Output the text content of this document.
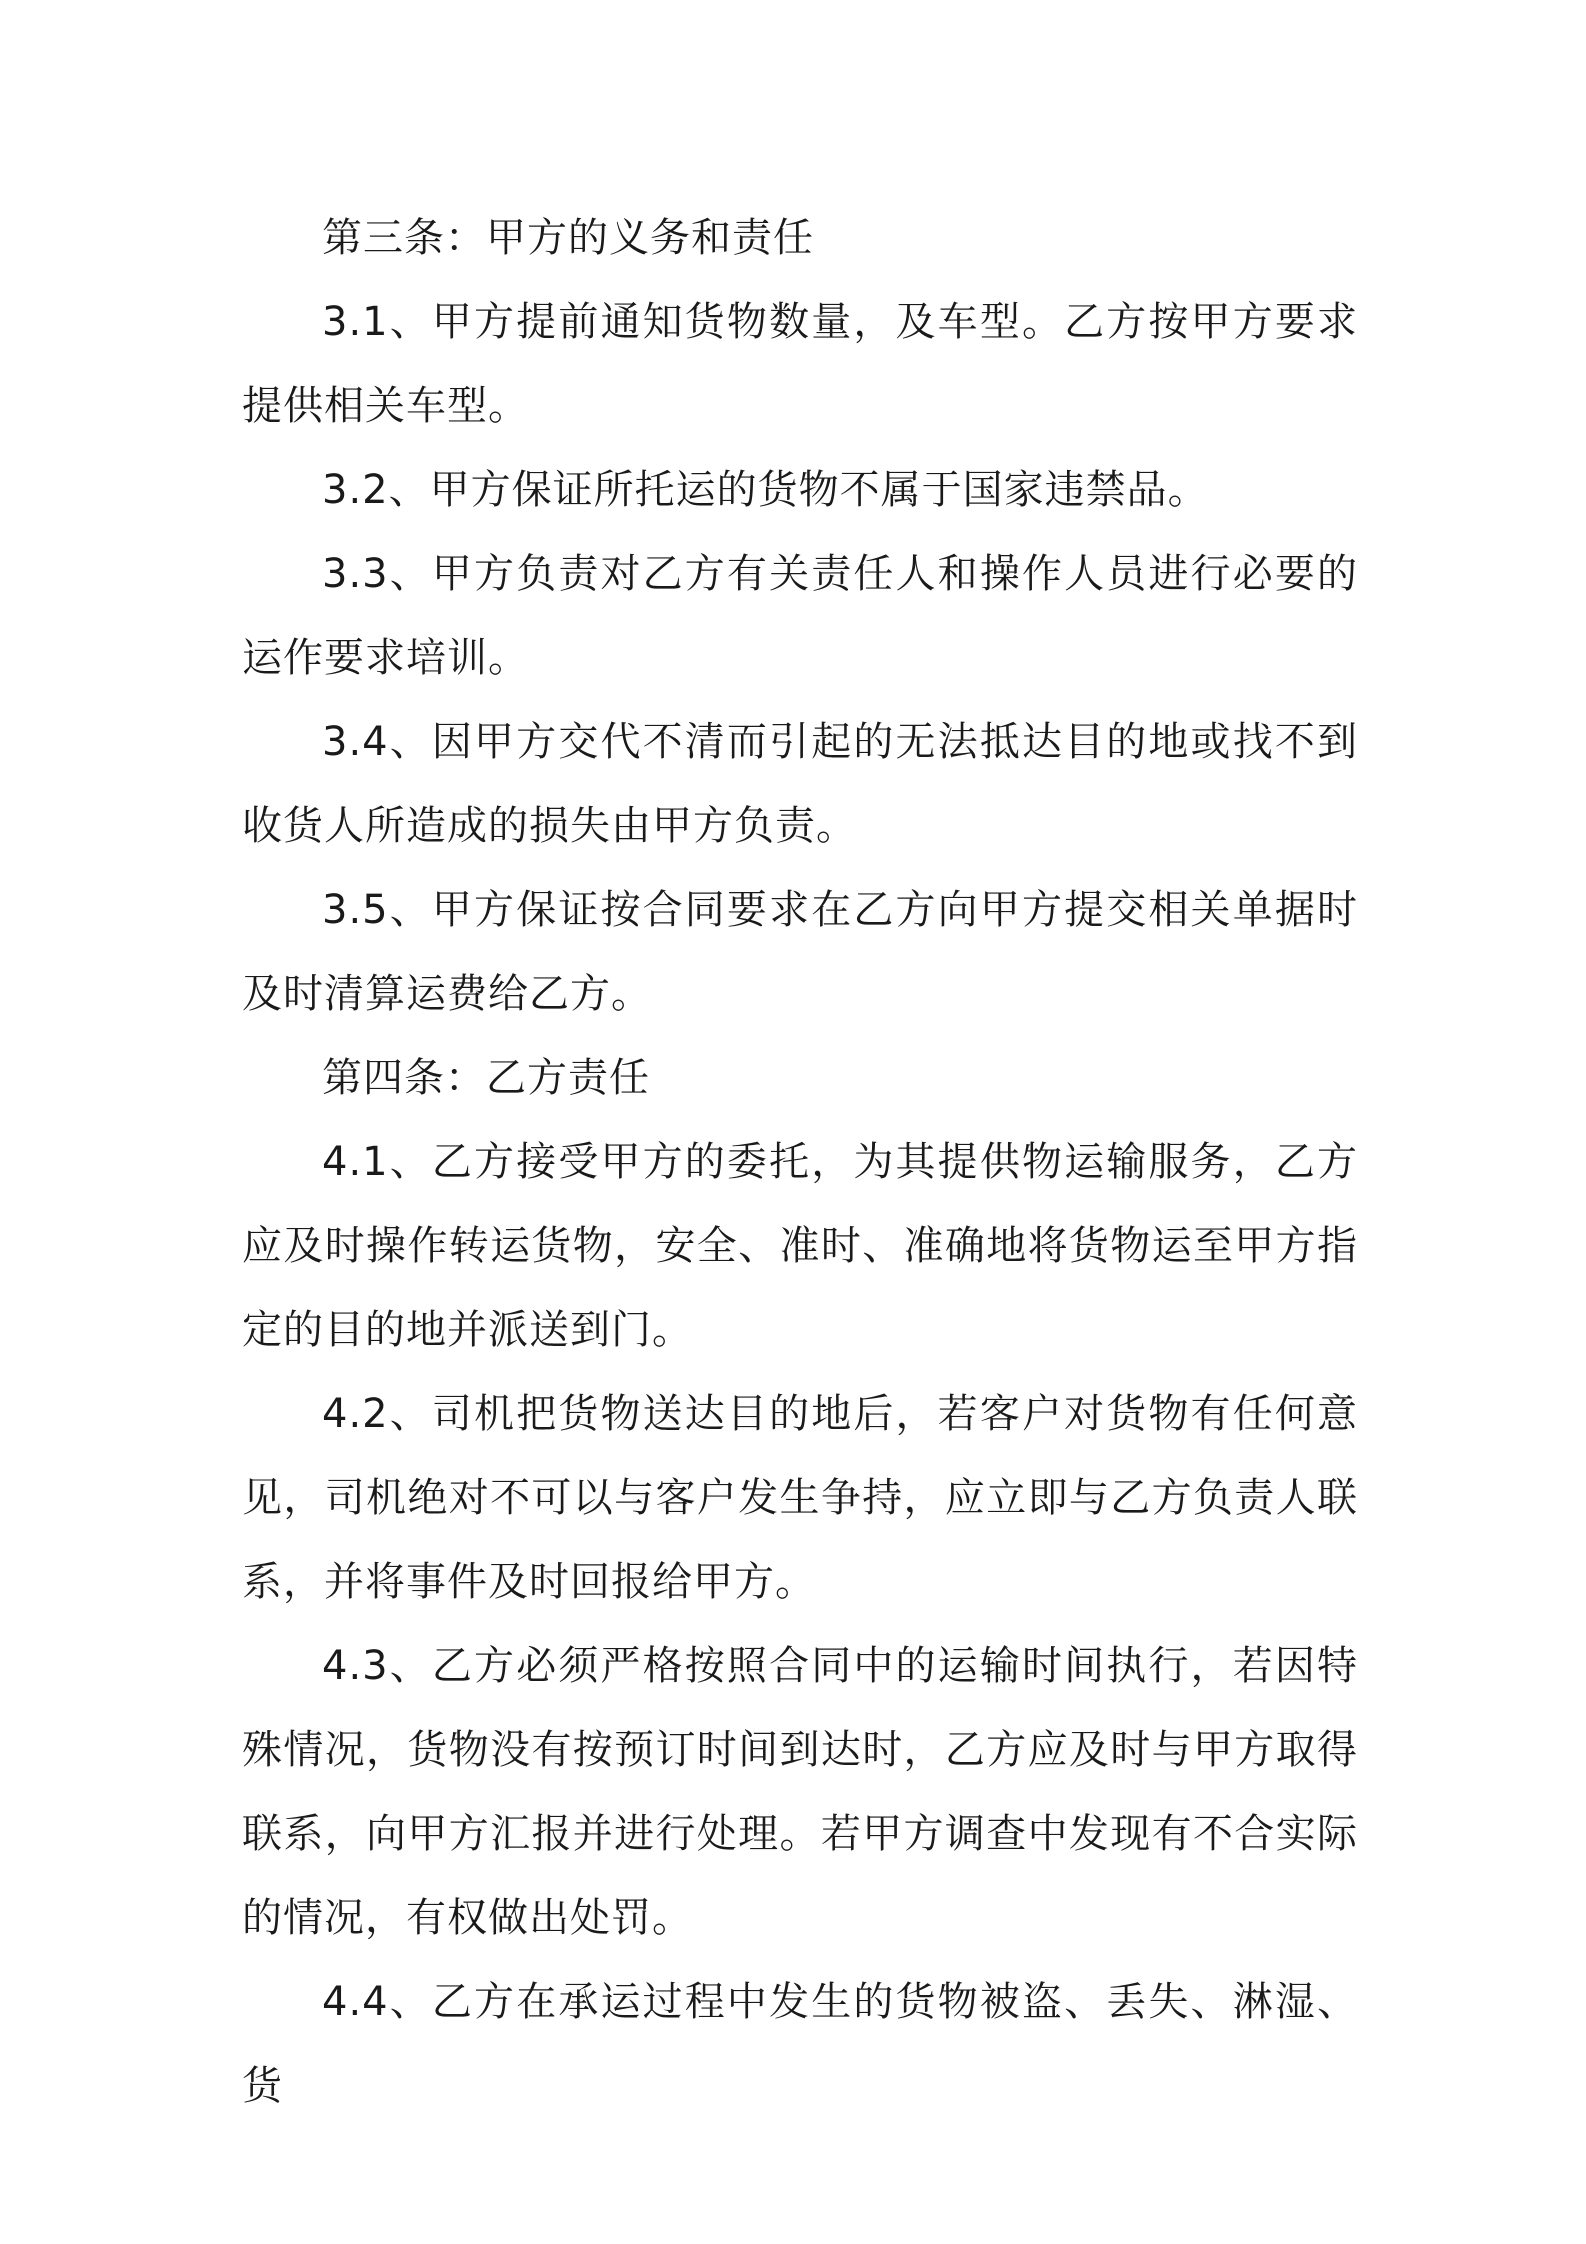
第三条：甲方的义务和责任

3.1、甲方提前通知货物数量，及车型。乙方按甲方要求提供相关车型。

3.2、甲方保证所托运的货物不属于国家违禁品。

3.3、甲方负责对乙方有关责任人和操作人员进行必要的运作要求培训。

3.4、因甲方交代不清而引起的无法抵达目的地或找不到收货人所造成的损失由甲方负责。

3.5、甲方保证按合同要求在乙方向甲方提交相关单据时及时清算运费给乙方。

第四条：乙方责任

4.1、乙方接受甲方的委托，为其提供物运输服务，乙方应及时操作转运货物，安全、准时、准确地将货物运至甲方指定的目的地并派送到门。

4.2、司机把货物送达目的地后，若客户对货物有任何意见，司机绝对不可以与客户发生争持，应立即与乙方负责人联系，并将事件及时回报给甲方。

4.3、乙方必须严格按照合同中的运输时间执行，若因特殊情况，货物没有按预订时间到达时，乙方应及时与甲方取得联系，向甲方汇报并进行处理。若甲方调查中发现有不合实际的情况，有权做出处罚。

4.4、乙方在承运过程中发生的货物被盗、丢失、淋湿、货
